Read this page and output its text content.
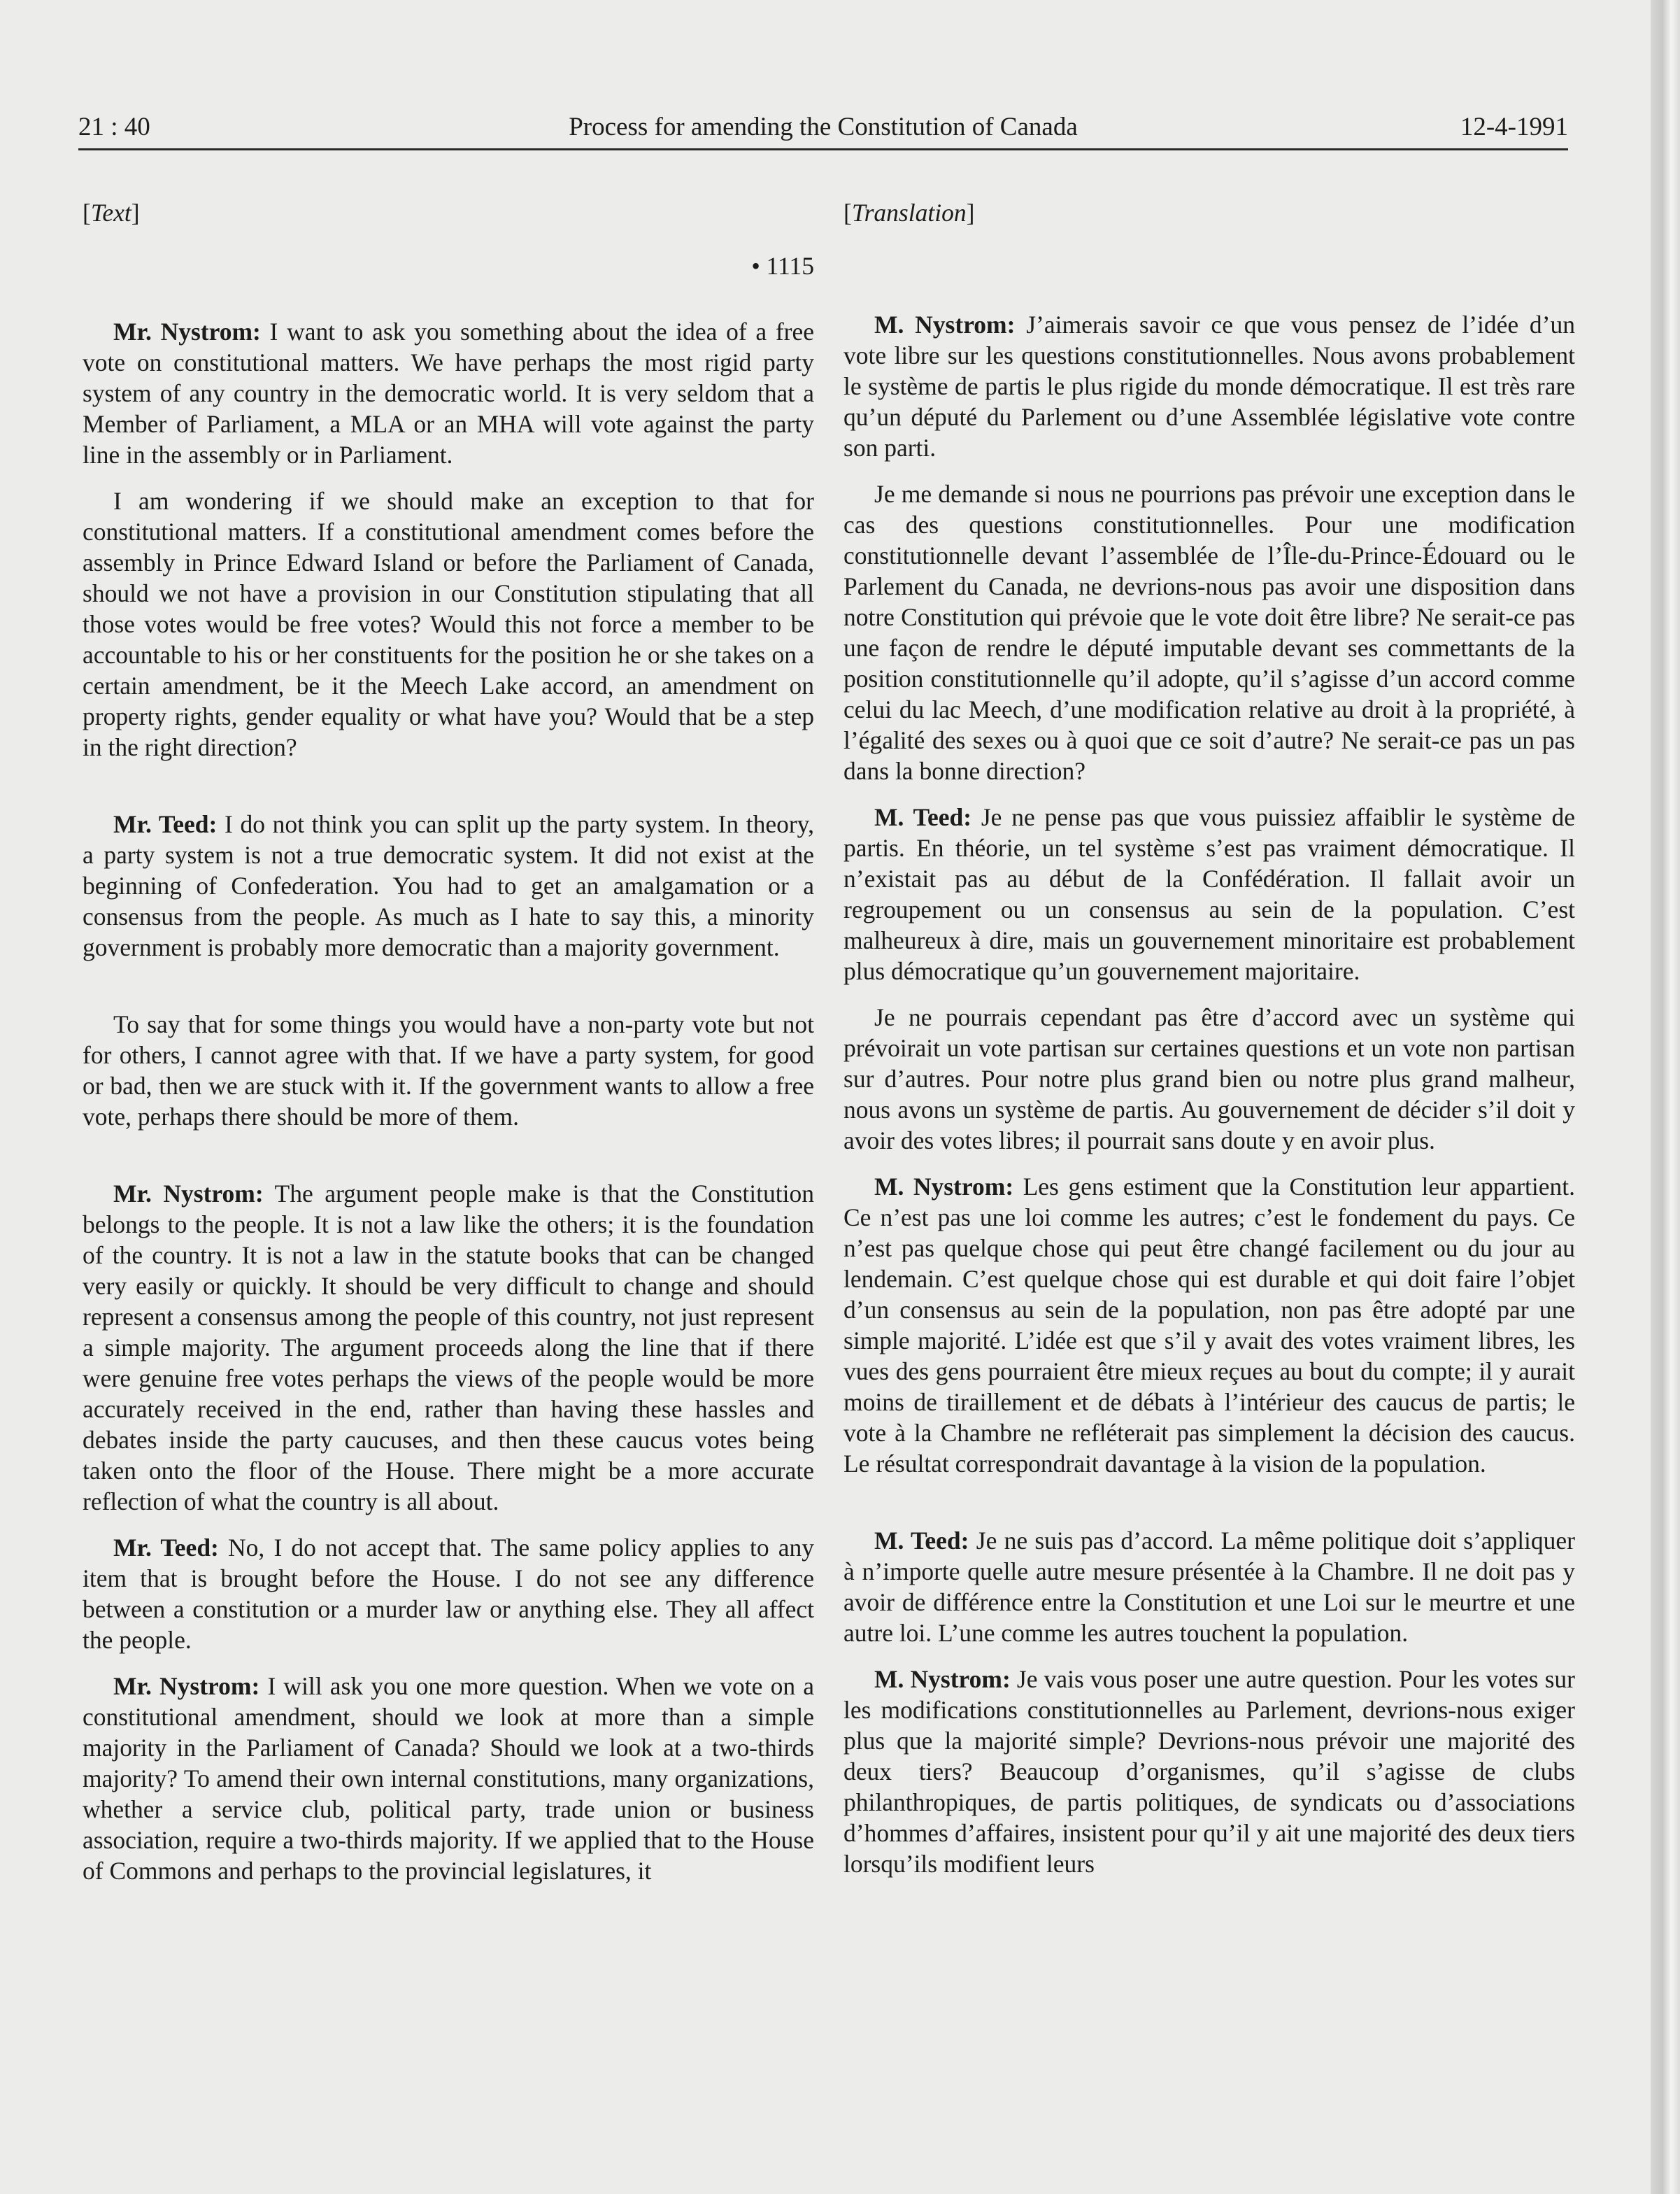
21 : 40	Process for amending the Constitution of Canada	12-4-1991
[Text]
• 1115

Mr. Nystrom: I want to ask you something about the idea of a free vote on constitutional matters. We have perhaps the most rigid party system of any country in the democratic world. It is very seldom that a Member of Parliament, a MLA or an MHA will vote against the party line in the assembly or in Parliament.

I am wondering if we should make an exception to that for constitutional matters. If a constitutional amendment comes before the assembly in Prince Edward Island or before the Parliament of Canada, should we not have a provision in our Constitution stipulating that all those votes would be free votes? Would this not force a member to be accountable to his or her constituents for the position he or she takes on a certain amendment, be it the Meech Lake accord, an amendment on property rights, gender equality or what have you? Would that be a step in the right direction?

Mr. Teed: I do not think you can split up the party system. In theory, a party system is not a true democratic system. It did not exist at the beginning of Confederation. You had to get an amalgamation or a consensus from the people. As much as I hate to say this, a minority government is probably more democratic than a majority government.

To say that for some things you would have a non-party vote but not for others, I cannot agree with that. If we have a party system, for good or bad, then we are stuck with it. If the government wants to allow a free vote, perhaps there should be more of them.

Mr. Nystrom: The argument people make is that the Constitution belongs to the people. It is not a law like the others; it is the foundation of the country. It is not a law in the statute books that can be changed very easily or quickly. It should be very difficult to change and should represent a consensus among the people of this country, not just represent a simple majority. The argument proceeds along the line that if there were genuine free votes perhaps the views of the people would be more accurately received in the end, rather than having these hassles and debates inside the party caucuses, and then these caucus votes being taken onto the floor of the House. There might be a more accurate reflection of what the country is all about.

Mr. Teed: No, I do not accept that. The same policy applies to any item that is brought before the House. I do not see any difference between a constitution or a murder law or anything else. They all affect the people.

Mr. Nystrom: I will ask you one more question. When we vote on a constitutional amendment, should we look at more than a simple majority in the Parliament of Canada? Should we look at a two-thirds majority? To amend their own internal constitutions, many organizations, whether a service club, political party, trade union or business association, require a two-thirds majority. If we applied that to the House of Commons and perhaps to the provincial legislatures, it

[Translation]

M. Nystrom: J’aimerais savoir ce que vous pensez de l’idée d’un vote libre sur les questions constitutionnelles. Nous avons probablement le système de partis le plus rigide du monde démocratique. Il est très rare qu’un député du Parlement ou d’une Assemblée législative vote contre son parti.

Je me demande si nous ne pourrions pas prévoir une exception dans le cas des questions constitutionnelles. Pour une modification constitutionnelle devant l’assemblée de l’Île-du-Prince-Édouard ou le Parlement du Canada, ne devrions-nous pas avoir une disposition dans notre Constitution qui prévoie que le vote doit être libre? Ne serait-ce pas une façon de rendre le député imputable devant ses commettants de la position constitutionnelle qu’il adopte, qu’il s’agisse d’un accord comme celui du lac Meech, d’une modification relative au droit à la propriété, à l’égalité des sexes ou à quoi que ce soit d’autre? Ne serait-ce pas un pas dans la bonne direction?

M. Teed: Je ne pense pas que vous puissiez affaiblir le système de partis. En théorie, un tel système s’est pas vraiment démocratique. Il n’existait pas au début de la Confédération. Il fallait avoir un regroupement ou un consensus au sein de la population. C’est malheureux à dire, mais un gouvernement minoritaire est probablement plus démocratique qu’un gouvernement majoritaire.

Je ne pourrais cependant pas être d’accord avec un système qui prévoirait un vote partisan sur certaines questions et un vote non partisan sur d’autres. Pour notre plus grand bien ou notre plus grand malheur, nous avons un système de partis. Au gouvernement de décider s’il doit y avoir des votes libres; il pourrait sans doute y en avoir plus.

M. Nystrom: Les gens estiment que la Constitution leur appartient. Ce n’est pas une loi comme les autres; c’est le fondement du pays. Ce n’est pas quelque chose qui peut être changé facilement ou du jour au lendemain. C’est quelque chose qui est durable et qui doit faire l’objet d’un consensus au sein de la population, non pas être adopté par une simple majorité. L’idée est que s’il y avait des votes vraiment libres, les vues des gens pourraient être mieux reçues au bout du compte; il y aurait moins de tiraillement et de débats à l’intérieur des caucus de partis; le vote à la Chambre ne refléterait pas simplement la décision des caucus. Le résultat correspondrait davantage à la vision de la population.

M. Teed: Je ne suis pas d’accord. La même politique doit s’appliquer à n’importe quelle autre mesure présentée à la Chambre. Il ne doit pas y avoir de différence entre la Constitution et une Loi sur le meurtre et une autre loi. L’une comme les autres touchent la population.

M. Nystrom: Je vais vous poser une autre question. Pour les votes sur les modifications constitutionnelles au Parlement, devrions-nous exiger plus que la majorité simple? Devrions-nous prévoir une majorité des deux tiers? Beaucoup d’organismes, qu’il s’agisse de clubs philanthropiques, de partis politiques, de syndicats ou d’associations d’hommes d’affaires, insistent pour qu’il y ait une majorité des deux tiers lorsqu’ils modifient leurs
